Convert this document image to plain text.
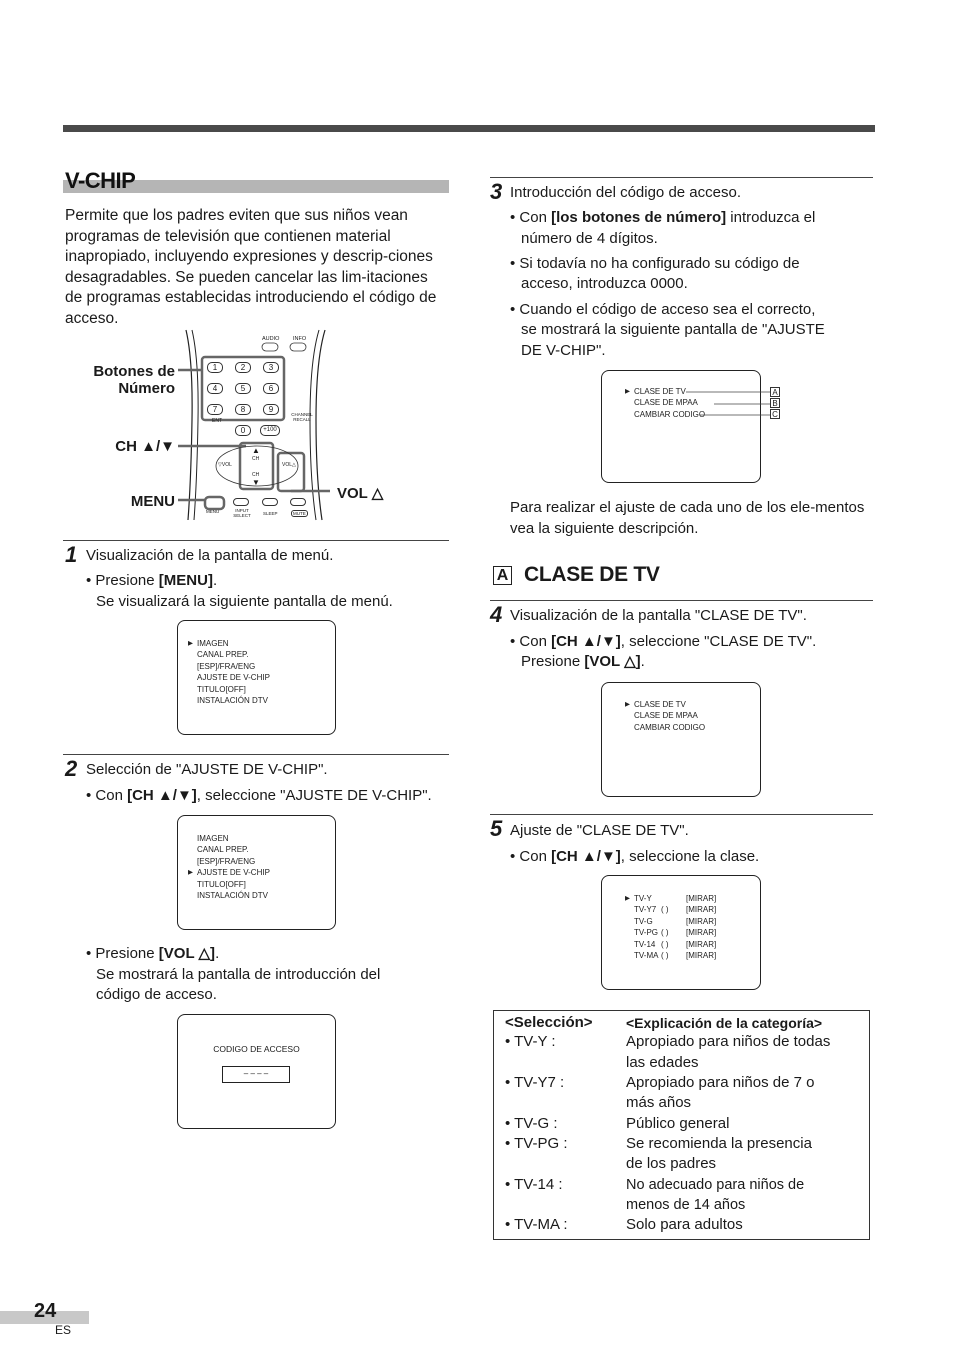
V-CHIP
Permite que los padres eviten que sus niños vean programas de televisión que contienen material inapropiado, incluyendo expresiones y descrip-ciones desagradables. Se pueden cancelar las lim-itaciones de programas establecidas introduciendo el código de acceso.
Botones de
Número
CH ▲/▼
MENU	VOL △
1	2	3
4	5	6
7	8	9
0
AUDIO INFO
ENT
+100
CHANNEL RECALL
▲
CH
CH
▼
▽VOL	VOL△
MENU	INPUT SELECT	SLEEP	MUTE
1 Visualización de la pantalla de menú.
• Presione [MENU].
Se visualizará la siguiente pantalla de menú.
▶ IMAGEN
CANAL PREP.
[ESP]/FRA/ENG
AJUSTE DE V-CHIP
TITULO[OFF]
INSTALACIÓN DTV
2 Selección de "AJUSTE DE V-CHIP".
• Con [CH ▲/▼], seleccione "AJUSTE DE V-CHIP".
IMAGEN
CANAL PREP.
[ESP]/FRA/ENG
▶ AJUSTE DE V-CHIP
TITULO[OFF]
INSTALACIÓN DTV
• Presione [VOL △].
Se mostrará la pantalla de introducción del
código de acceso.
CODIGO DE ACCESO
– – – –
3 Introducción del código de acceso.
• Con [los botones de número] introduzca el
número de 4 dígitos.
• Si todavía no ha configurado su código de
acceso, introduzca 0000.
• Cuando el código de acceso sea el correcto,
se mostrará la siguiente pantalla de "AJUSTE
DE V-CHIP".
▶ CLASE DE TV
CLASE DE MPAA
CAMBIAR CODIGO
A
B
C
Para realizar el ajuste de cada uno de los ele-mentos vea la siguiente descripción.
A CLASE DE TV
4 Visualización de la pantalla "CLASE DE TV".
• Con [CH ▲/▼], seleccione "CLASE DE TV".
Presione [VOL △].
▶ CLASE DE TV
CLASE DE MPAA
CAMBIAR CODIGO
5 Ajuste de "CLASE DE TV".
• Con [CH ▲/▼], seleccione la clase.
▶ TV-Y	[MIRAR]
TV-Y7 ( ) [MIRAR]
TV-G	[MIRAR]
TV-PG ( ) [MIRAR]
TV-14 ( ) [MIRAR]
TV-MA ( ) [MIRAR]
<Selección> <Explicación de la categoría>
• TV-Y :	Apropiado para niños de todas
las edades
• TV-Y7 :	Apropiado para niños de 7 o
más años
• TV-G :	Público general
• TV-PG :	Se recomienda la presencia
de los padres
• TV-14 :	No adecuado para niños de
menos de 14 años
• TV-MA :	Solo para adultos
24
ES
